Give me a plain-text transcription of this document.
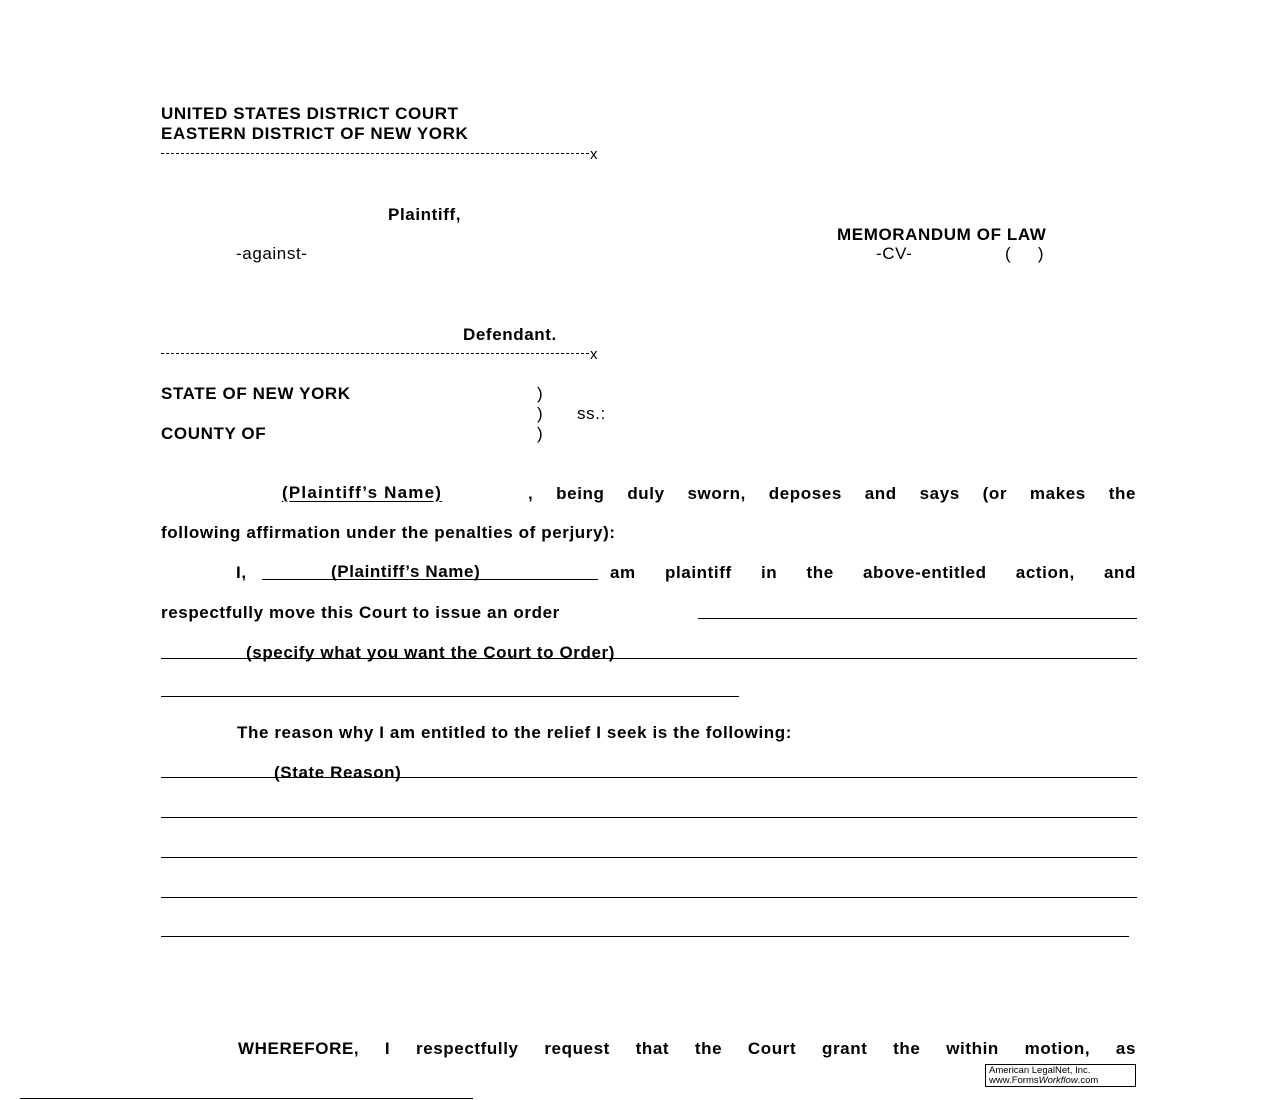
UNITED STATES DISTRICT COURT
EASTERN DISTRICT OF NEW YORK
x
Plaintiff,
-against-
Defendant.
x
MEMORANDUM OF LAW
-CV-	(     )
STATE OF NEW YORK	)
) ss.:
COUNTY OF	)
(Plaintiff’s Name)	, being duly sworn, deposes and says (or makes the
following affirmation under the penalties of perjury):
I,	(Plaintiff’s Name)	am plaintiff in the above-entitled action, and
respectfully move this Court to issue an order
(specify what you want the Court to Order)
The reason why I am entitled to the relief I seek is the following:
(State Reason)
WHEREFORE, I respectfully request that the Court grant the within motion, as
American LegalNet, Inc.
www.FormsWorkflow.com
